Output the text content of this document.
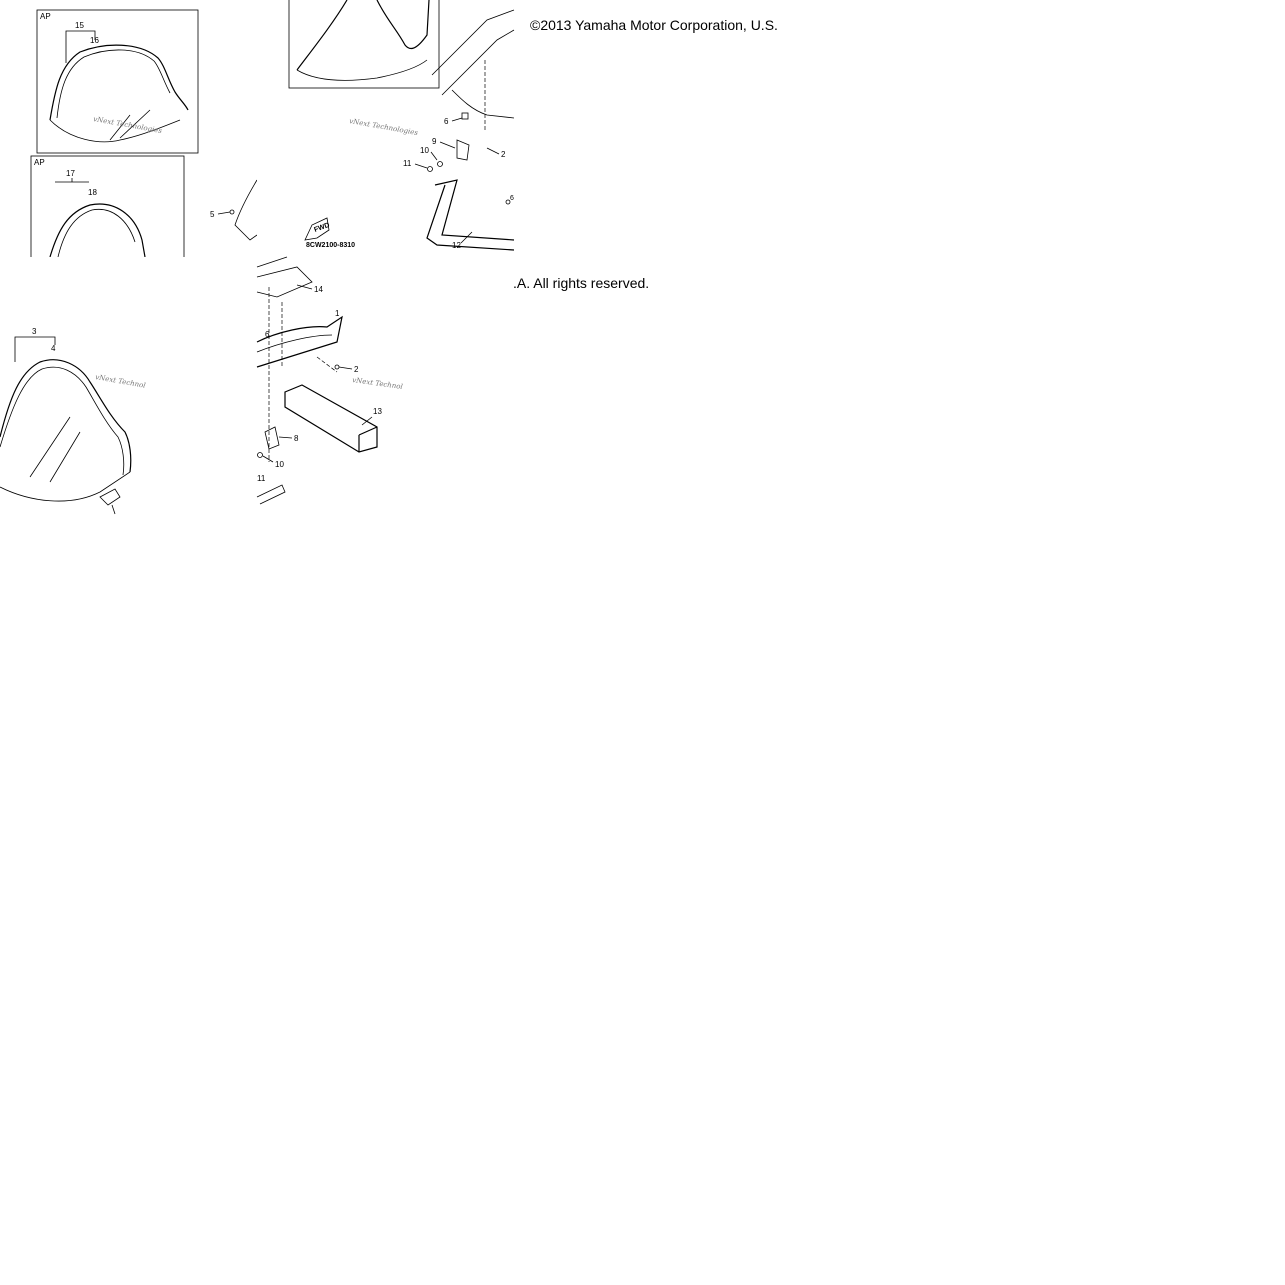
AP
15
16
vNext Technologies
AP
17
18
5
vNext Technologies	6
9
10
11
2
FWD
8CW2100-8310	12
6
3
4
vNext Technol
14
1
6
2
vNext Technol
13
8
10
11
©2013 Yamaha Motor Corporation, U.S.
.A. All rights reserved.
